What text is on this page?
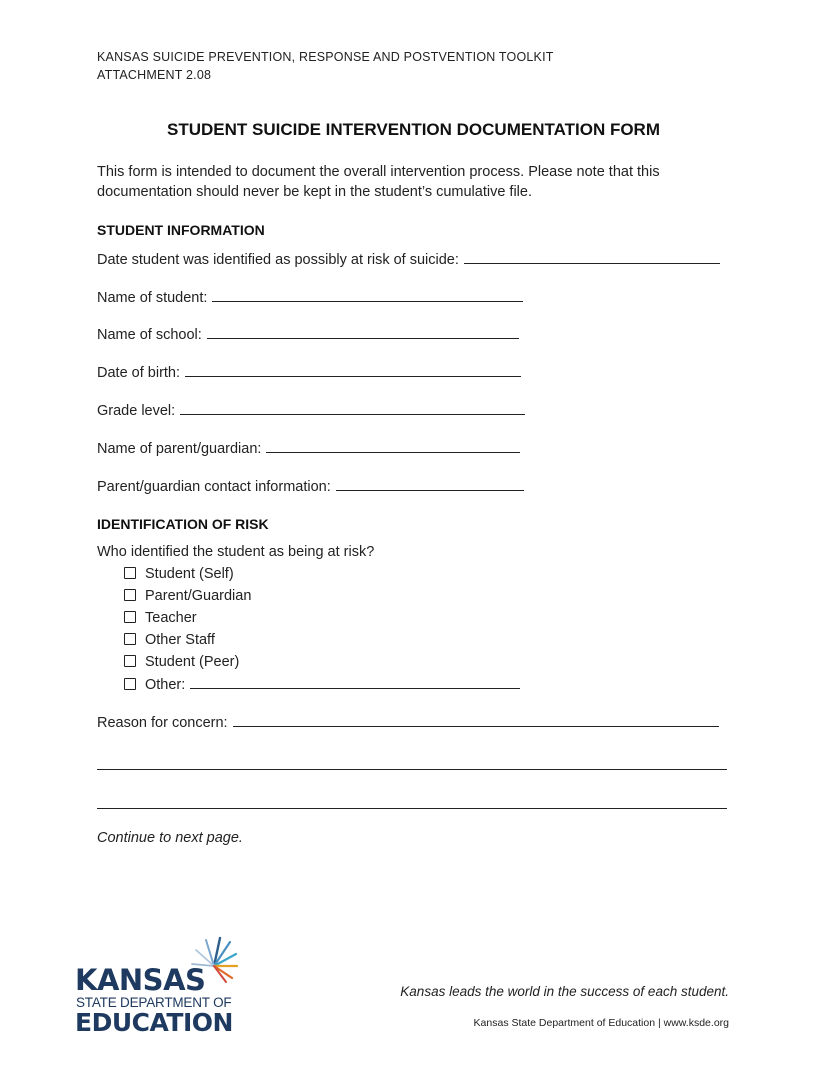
KANSAS SUICIDE PREVENTION, RESPONSE AND POSTVENTION TOOLKIT
ATTACHMENT 2.08
STUDENT SUICIDE INTERVENTION DOCUMENTATION FORM
This form is intended to document the overall intervention process. Please note that this documentation should never be kept in the student’s cumulative file.
STUDENT INFORMATION
Date student was identified as possibly at risk of suicide:
Name of student:
Name of school:
Date of birth:
Grade level:
Name of parent/guardian:
Parent/guardian contact information:
IDENTIFICATION OF RISK
Who identified the student as being at risk?
Student (Self)
Parent/Guardian
Teacher
Other Staff
Student (Peer)
Other:
Reason for concern:
Continue to next page.
KANSAS
STATE DEPARTMENT OF
EDUCATION
Kansas leads the world in the success of each student.
Kansas State Department of Education | www.ksde.org
